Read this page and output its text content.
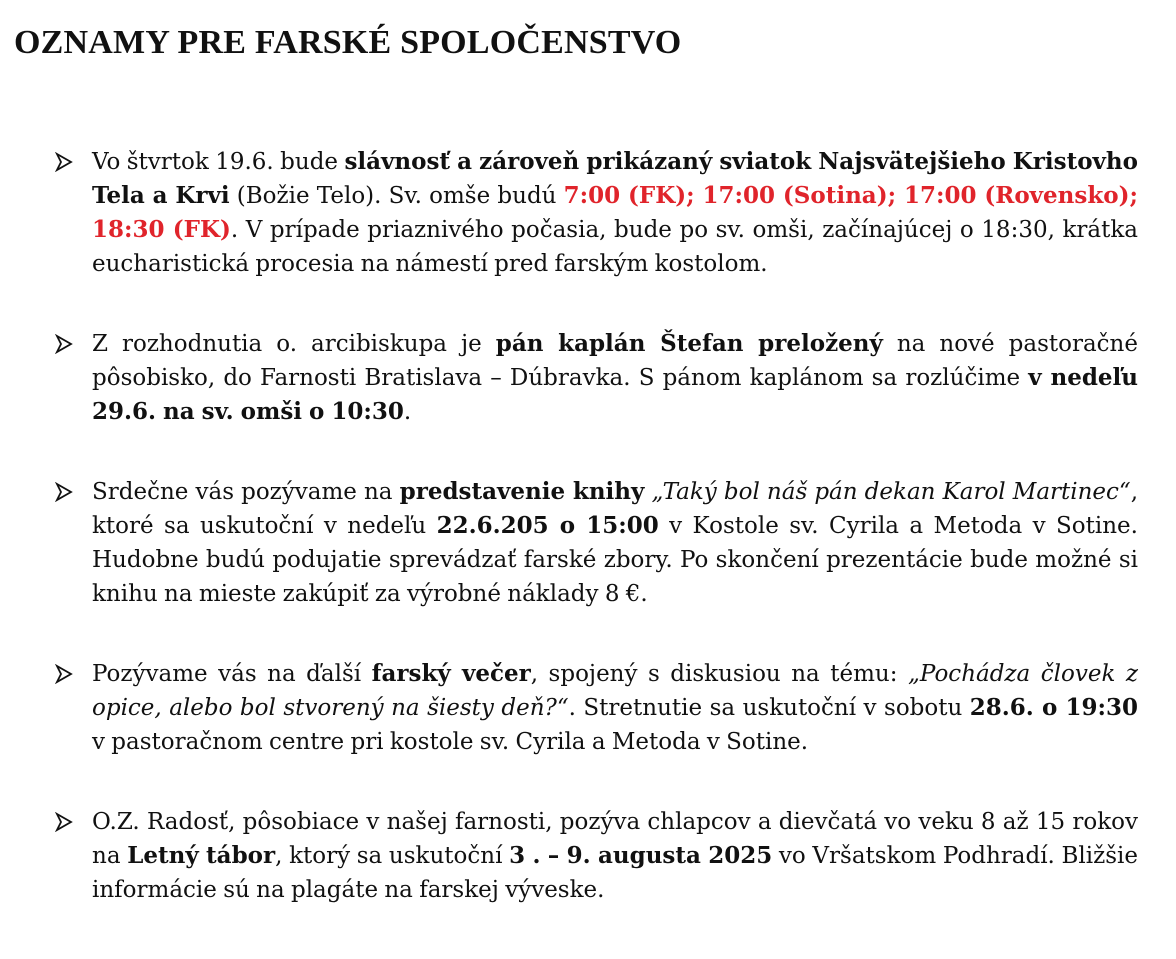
OZNAMY PRE FARSKÉ SPOLOČENSTVO
Vo štvrtok 19.6. bude slávnosť a zároveň prikázaný sviatok Najsvätejšieho Kristovho Tela a Krvi (Božie Telo). Sv. omše budú 7:00 (FK); 17:00 (Sotina); 17:00 (Rovensko); 18:30 (FK). V prípade priaznivého počasia, bude po sv. omši, začínajúcej o 18:30, krátka eucharistická procesia na námestí pred farským kostolom.
Z rozhodnutia o. arcibiskupa je pán kaplán Štefan preložený na nové pastoračné pôsobisko, do Farnosti Bratislava – Dúbravka. S pánom kaplánom sa rozlúčime v nedeľu 29.6. na sv. omši o 10:30.
Srdečne vás pozývame na predstavenie knihy „Taký bol náš pán dekan Karol Martinec“, ktoré sa uskutoční v nedeľu 22.6.205 o 15:00 v Kostole sv. Cyrila a Metoda v Sotine. Hudobne budú podujatie sprevádzať farské zbory. Po skončení prezentácie bude možné si knihu na mieste zakúpiť za výrobné náklady 8 €.
Pozývame vás na ďalší farský večer, spojený s diskusiou na tému: „Pochádza človek z opice, alebo bol stvorený na šiesty deň?“. Stretnutie sa uskutoční v sobotu 28.6. o 19:30 v pastoračnom centre pri kostole sv. Cyrila a Metoda v Sotine.
O.Z. Radosť, pôsobiace v našej farnosti, pozýva chlapcov a dievčatá vo veku 8 až 15 rokov na Letný tábor, ktorý sa uskutoční 3 . – 9. augusta 2025 vo Vršatskom Podhradí. Bližšie informácie sú na plagáte na farskej výveske.
